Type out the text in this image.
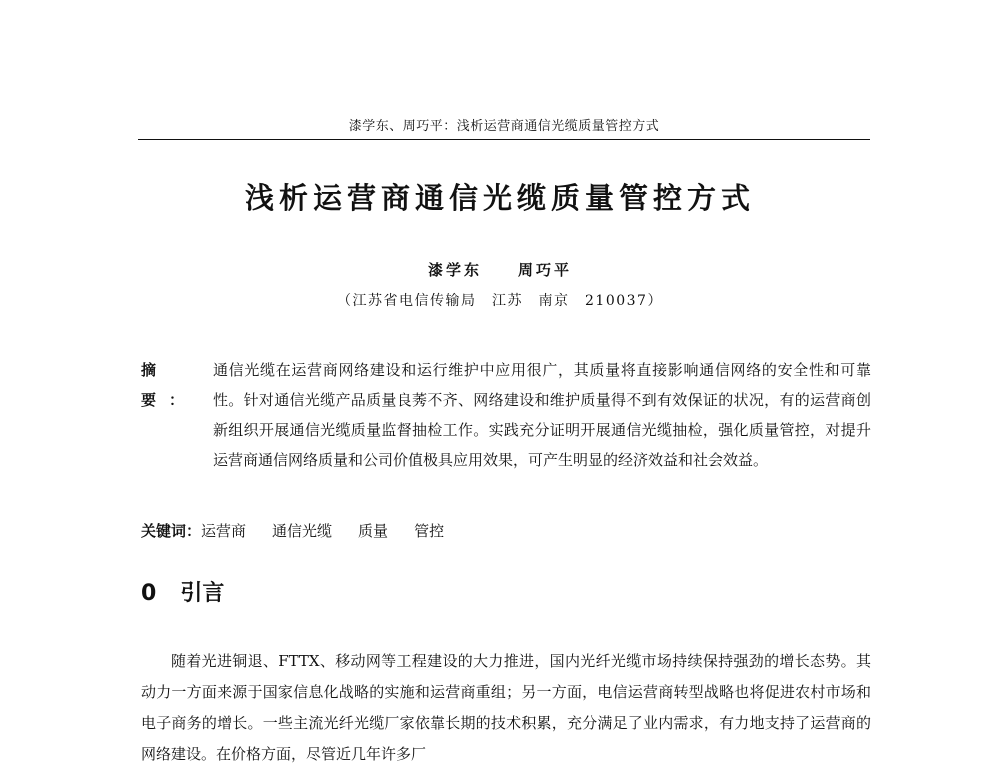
漆学东、周巧平：浅析运营商通信光缆质量管控方式
浅析运营商通信光缆质量管控方式
漆学东 周巧平
（江苏省电信传输局　江苏　南京　210037）
摘要：
通信光缆在运营商网络建设和运行维护中应用很广，其质量将直接影响通信网络的安全性和可靠性。针对通信光缆产品质量良莠不齐、网络建设和维护质量得不到有效保证的状况，有的运营商创新组织开展通信光缆质量监督抽检工作。实践充分证明开展通信光缆抽检，强化质量管控，对提升运营商通信网络质量和公司价值极具应用效果，可产生明显的经济效益和社会效益。
关键词：运营商 通信光缆 质量 管控
0 引言
随着光进铜退、FTTX、移动网等工程建设的大力推进，国内光纤光缆市场持续保持强劲的增长态势。其动力一方面来源于国家信息化战略的实施和运营商重组；另一方面，电信运营商转型战略也将促进农村市场和电子商务的增长。一些主流光纤光缆厂家依靠长期的技术积累，充分满足了业内需求，有力地支持了运营商的网络建设。在价格方面，尽管近几年许多厂
